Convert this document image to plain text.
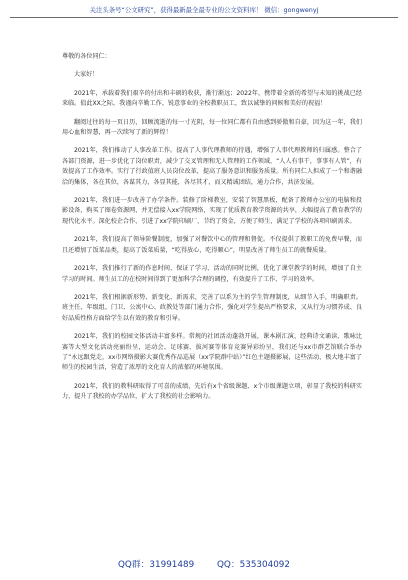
关注头条号“公文研究”，获得最新最全最专业的公文资料库！ 微信：gongwenyj

尊敬的各位同仁：

大家好！

2021年，承载着我们艰辛的付出和丰硕的收获，渐行渐远；2022年，携带着全新的希望与未知的挑战已经来临。值此XX之际，我谨向辛勤工作、锐意事业的全校教职员工，致以诚挚的问候和美好的祝福！

翻阅过往的每一页日历，回顾流逝的每一寸光阴，每一位同仁都有自由感到骄傲和自豪，因为这一年，我们用心血和智慧，再一次续写了新的辉煌！

2021年，我们推动了人事改革工作。提高了人事代理教师的待遇，增强了人事代理教师的归属感。整合了各部门资源，进一步优化了岗位职责，减少了交叉管理和无人管理的工作领域，“人人有事干，事事有人管”，有效提高了工作效率。实行了行政值班人员岗位改革，提高了服务意识和服务质量。所有同仁人担成了一个和谐融洽的集体，各在其位，各谋其力，各显其能，各尽其才，而又精诚团结，通力合作，共济发展。

2021年，我们进一步改善了办学条件。装修了阶梯教室，安装了智慧黑板，配备了教师办公室的电脑和投影设备，购买了图卷资源网，并无偿接入xx学院网络，实现了优质教育教学资源的共享，大幅提高了教育教学的现代化水平。深化校企合作，引进了xx学院印刷厂，节约了资金，方便了师生，满足了学校的各项印刷需求。

2021年，我们提高了领导阶餐制度，加强了对餐饮中心的管理和督促。不仅提供了教职工的免费早餐，而且还增加了饭菜品类，提高了饭菜质量，“吃得放心，吃得顺心”，明显改善了师生员工的就餐质量。

2021年，我们推行了新的作息时间，保证了学习、活动的同时比例，优化了课堂教学的时间，增加了自主学习的时间。师生员工的在校时间得到了更加科学合理的调控，有效提升了工作、学习的效率。

2021年，我们根据新形势、新变化、新需求，完善了以系为主的学生管理制度，从细节入手，明确职责。班主任、年级组、门卫、公寓中心、政教处等部门通力合作，强化对学生提出严格要求，又从行为习惯养成、良好品质性格方面给学生以有效的教育和引导。

2021年，我们的校园文体活动丰富多样。常规的社团活动蓬勃开展，课本剧汇演、经典诗文诵读、歌咏比赛等大型文化活动亮丽纷呈，运动会、足球赛、拔河赛等体育竞赛异彩纷呈，我们还与xx市群艺馆联合举办了“永远跟党走，xx市网络摄影大赛优秀作品巡展（xx学院群中站）”红色主题摄影展，这些活动，极大地丰富了师生的校园生活，营造了浓厚的文化育人的浓郁的环境氛围。

2021年，我们的教科研取得了可喜的成绩，先后有x个省级课题、x个市级课题立项，彰显了我校的科研实力，提升了我校的办学品位，扩大了我校的社会影响力。

QQ群：31991489	QQ：535304092
